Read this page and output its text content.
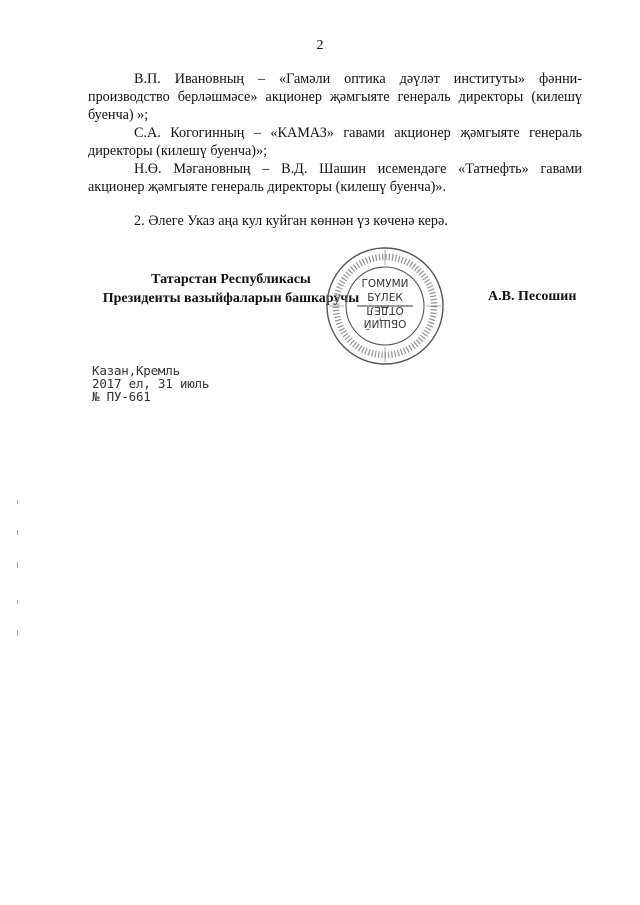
2

В.П. Ивановның – «Гамәли оптика дәүләт институты» фәнни-производство берләшмәсе» акционер җәмгыяте генераль директоры (килешү буенча) »;

С.А. Когогинның – «КАМАЗ» гавами акционер җәмгыяте генераль директоры (килешү буенча)»;

Н.Ө. Мәгановның – В.Д. Шашин исемендәге «Татнефть» гавами акционер җәмгыяте генераль директоры (килешү буенча)».

2. Әлеге Указ аңа кул куйган көннән үз көченә керә.

Татарстан Республикасы
Президенты вазыйфаларын башкаручы
ГОМУМИ
БҮЛЕК
ОТДЕЛ
ОБЩИЙ
А.В. Песошин
Казан,Кремль
2017 ел, 31 июль
№ ПУ-661
